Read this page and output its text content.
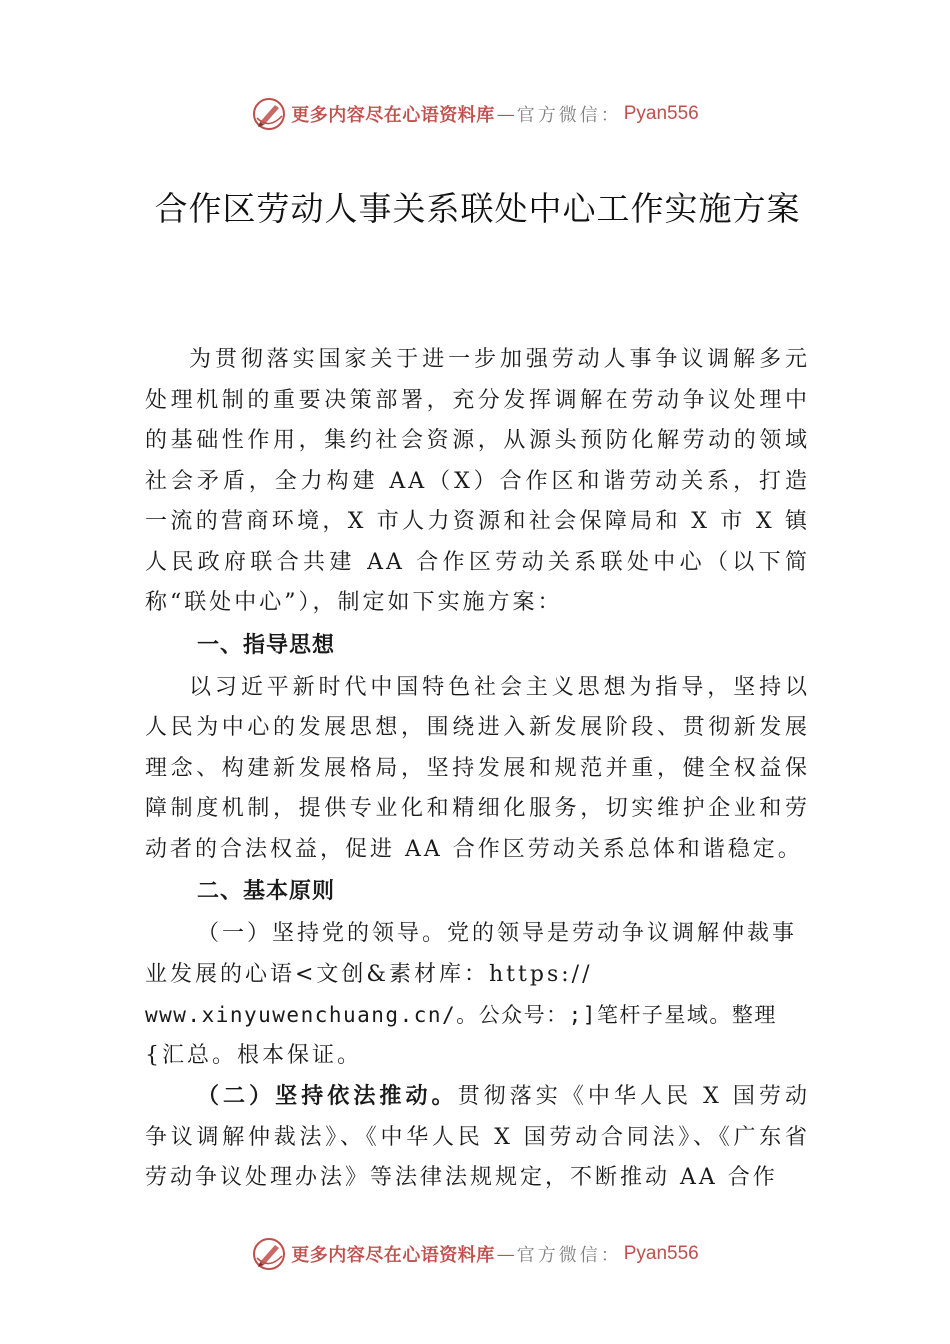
更多内容尽在心语资料库 — 官方微信： Pyan556
合作区劳动人事关系联处中心工作实施方案

为贯彻落实国家关于进一步加强劳动人事争议调解多元处理机制的重要决策部署，充分发挥调解在劳动争议处理中的基础性作用，集约社会资源，从源头预防化解劳动的领域社会矛盾，全力构建 AA（X）合作区和谐劳动关系，打造一流的营商环境，X 市人力资源和社会保障局和 X 市 X 镇人民政府联合共建 AA 合作区劳动关系联处中心（以下简称“联处中心”），制定如下实施方案：

一、指导思想

以习近平新时代中国特色社会主义思想为指导，坚持以人民为中心的发展思想，围绕进入新发展阶段、贯彻新发展理念、构建新发展格局，坚持发展和规范并重，健全权益保障制度机制，提供专业化和精细化服务，切实维护企业和劳动者的合法权益，促进 AA 合作区劳动关系总体和谐稳定。

二、基本原则

（一）坚持党的领导。党的领导是劳动争议调解仲裁事

业发展的心语<文创&素材库：https://

www.xinyuwenchuang.cn/。公众号：;]笔杆子星域。整理

{汇总。根本保证。

（二）坚持依法推动。贯彻落实《中华人民 X 国劳动争议调解仲裁法》、《中华人民 X 国劳动合同法》、《广东省劳动争议处理办法》等法律法规规定，不断推动 AA 合作

更多内容尽在心语资料库 — 官方微信： Pyan556
